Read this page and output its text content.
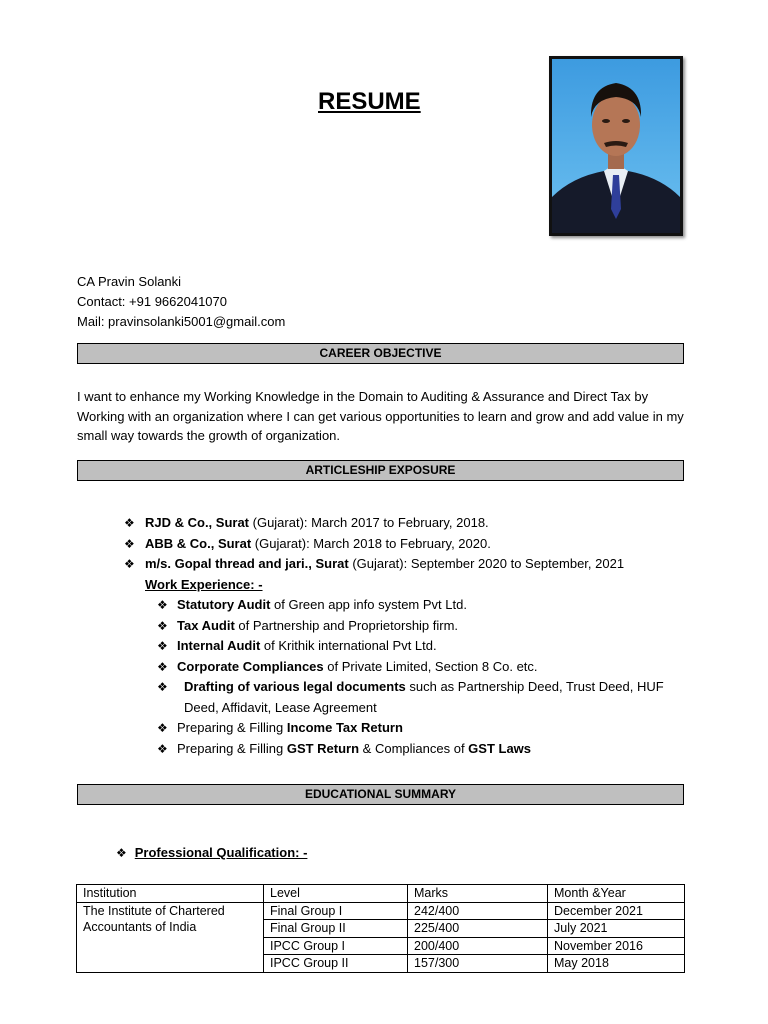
RESUME
CA Pravin Solanki
Contact: +91 9662041070
Mail: pravinsolanki5001@gmail.com
CAREER OBJECTIVE
I want to enhance my Working Knowledge in the Domain to Auditing & Assurance and Direct Tax by Working with an organization where I can get various opportunities to learn and grow and add value in my small way towards the growth of organization.
ARTICLESHIP EXPOSURE
❖ RJD & Co., Surat (Gujarat): March 2017 to February, 2018.
❖ ABB & Co., Surat (Gujarat): March 2018 to February, 2020.
❖ m/s. Gopal thread and jari., Surat (Gujarat): September 2020 to September, 2021
Work Experience: -
❖ Statutory Audit of Green app info system Pvt Ltd.
❖ Tax Audit of Partnership and Proprietorship firm.
❖ Internal Audit of Krithik international Pvt Ltd.
❖ Corporate Compliances of Private Limited, Section 8 Co. etc.
❖ Drafting of various legal documents such as Partnership Deed, Trust Deed, HUF Deed, Affidavit, Lease Agreement
❖ Preparing & Filling Income Tax Return
❖ Preparing & Filling GST Return & Compliances of GST Laws
EDUCATIONAL SUMMARY
❖ Professional Qualification: -
Institution	Level	Marks	Month &Year
The Institute of Chartered Accountants of India	Final Group I	242/400	December 2021
	Final Group II	225/400	July 2021
	IPCC Group I	200/400	November 2016
	IPCC Group II	157/300	May 2018
